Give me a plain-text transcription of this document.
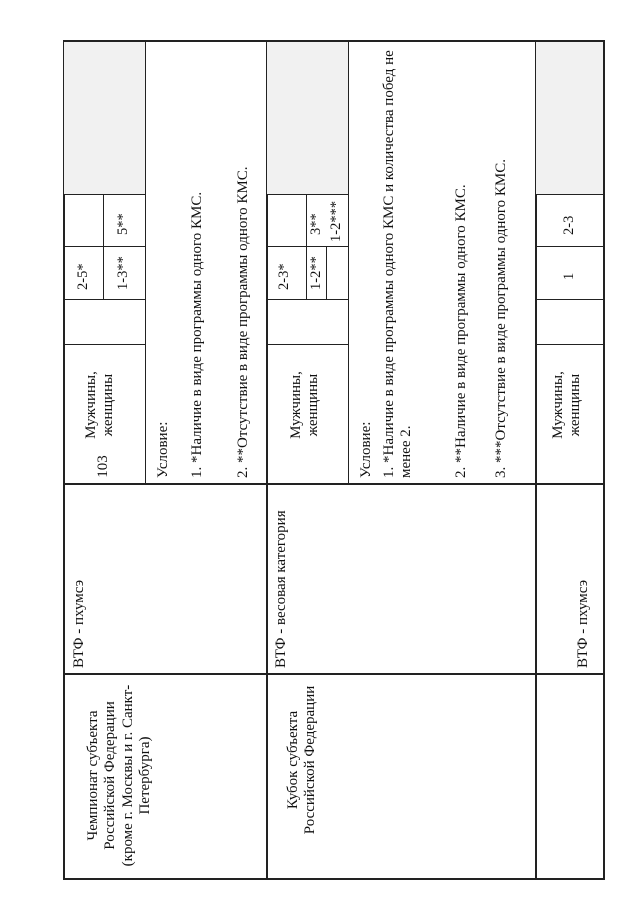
103
Чемпионат субъекта Российской Федерации (кроме г. Москвы и г. Санкт-Петербурга)
ВТФ - пхумсэ
Мужчины, женщины
2-5* 1-3**
5**
Условие: 1. *Наличие в виде программы одного КМС. 2. **Отсутствие в виде программы одного КМС.
Кубок субъекта Российской Федерации
ВТФ - весовая категория
Мужчины, женщины
2-3* 1-2**
3** 1-2***
Условие: 1. *Наличие в виде программы одного КМС и количества побед не менее 2.	2. **Наличие в виде программы одного КМС. 3. ***Отсутствие в виде программы одного КМС.
ВТФ - пхумсэ
Мужчины, женщины
1
2-3
